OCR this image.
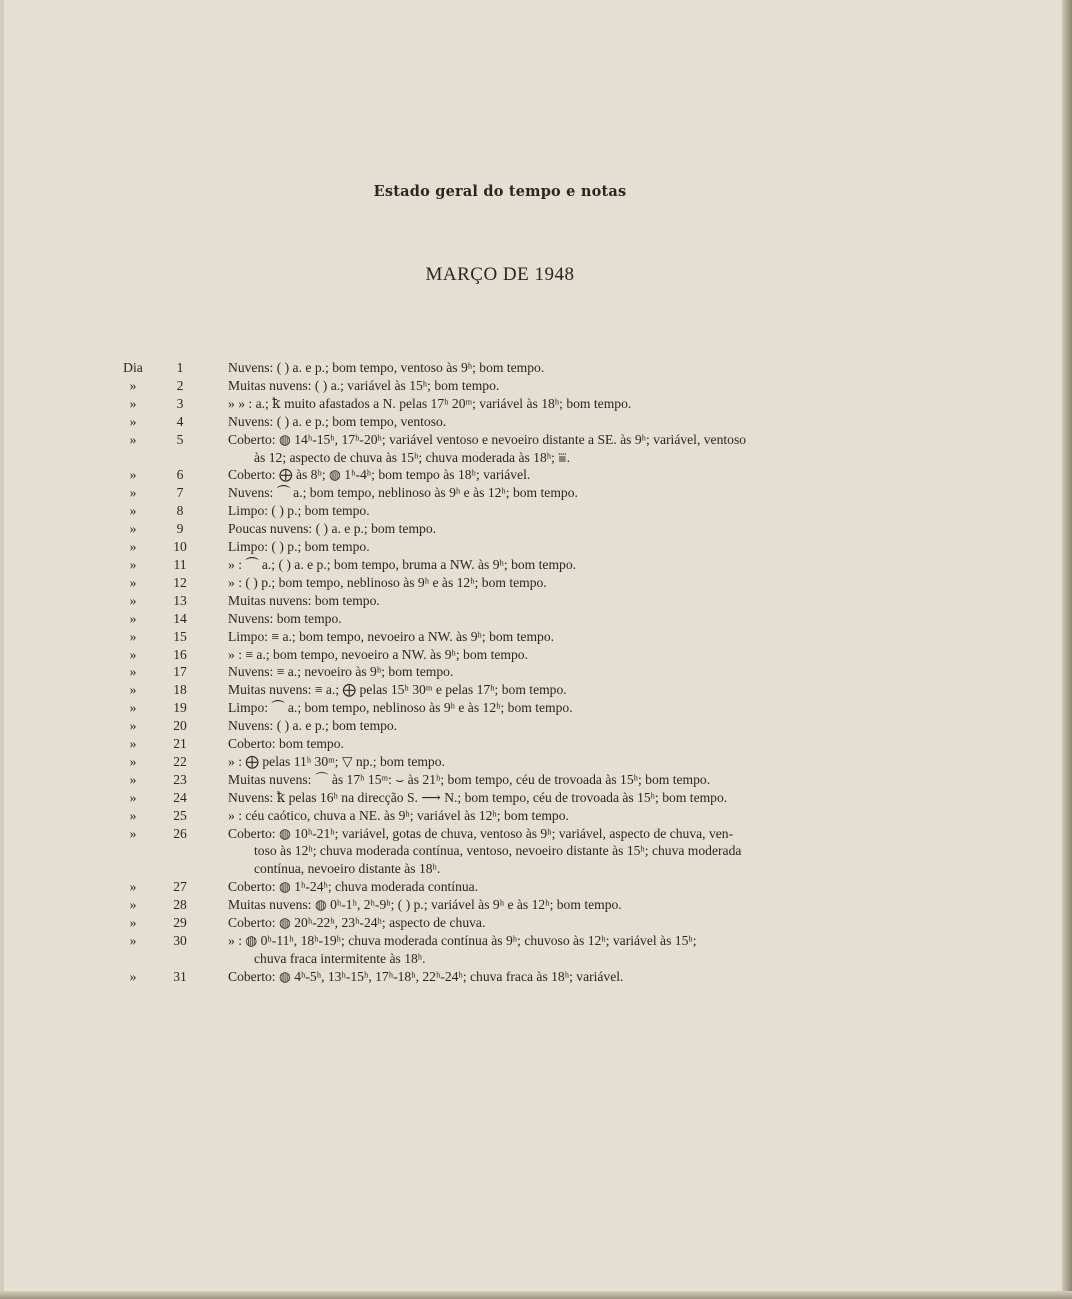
Estado geral do tempo e notas
MARÇO DE 1948
Dia	1	Nuvens: ( ) a. e p.; bom tempo, ventoso às 9ʰ; bom tempo.
»	2	Muitas nuvens: ( ) a.; variável às 15ʰ; bom tempo.
»	3	» » : a.; ꝁ muito afastados a N. pelas 17ʰ 20ᵐ; variável às 18ʰ; bom tempo.
»	4	Nuvens: ( ) a. e p.; bom tempo, ventoso.
»	5	Coberto: ◍ 14ʰ-15ʰ, 17ʰ-20ʰ; variável ventoso e nevoeiro distante a SE. às 9ʰ; variável, ventoso
às 12; aspecto de chuva às 15ʰ; chuva moderada às 18ʰ; ⩸.
»	6	Coberto: ⨁ às 8ʰ; ◍ 1ʰ-4ʰ; bom tempo às 18ʰ; variável.
»	7	Nuvens: ⏜ a.; bom tempo, neblinoso às 9ʰ e às 12ʰ; bom tempo.
»	8	Limpo: ( ) p.; bom tempo.
»	9	Poucas nuvens: ( ) a. e p.; bom tempo.
»	10	Limpo: ( ) p.; bom tempo.
»	11	» : ⏜ a.; ( ) a. e p.; bom tempo, bruma a NW. às 9ʰ; bom tempo.
»	12	» : ( ) p.; bom tempo, neblinoso às 9ʰ e às 12ʰ; bom tempo.
»	13	Muitas nuvens: bom tempo.
»	14	Nuvens: bom tempo.
»	15	Limpo: ≡ a.; bom tempo, nevoeiro a NW. às 9ʰ; bom tempo.
»	16	» : ≡ a.; bom tempo, nevoeiro a NW. às 9ʰ; bom tempo.
»	17	Nuvens: ≡ a.; nevoeiro às 9ʰ; bom tempo.
»	18	Muitas nuvens: ≡ a.; ⨁ pelas 15ʰ 30ᵐ e pelas 17ʰ; bom tempo.
»	19	Limpo: ⏜ a.; bom tempo, neblinoso às 9ʰ e às 12ʰ; bom tempo.
»	20	Nuvens: ( ) a. e p.; bom tempo.
»	21	Coberto: bom tempo.
»	22	» : ⨁ pelas 11ʰ 30ᵐ; ▽ np.; bom tempo.
»	23	Muitas nuvens: ⌒ às 17ʰ 15ᵐ: ⌣ às 21ʰ; bom tempo, céu de trovoada às 15ʰ; bom tempo.
»	24	Nuvens: ꝁ pelas 16ʰ na direcção S. ⟶ N.; bom tempo, céu de trovoada às 15ʰ; bom tempo.
»	25	» : céu caótico, chuva a NE. às 9ʰ; variável às 12ʰ; bom tempo.
»	26	Coberto: ◍ 10ʰ-21ʰ; variável, gotas de chuva, ventoso às 9ʰ; variável, aspecto de chuva, ven-
toso às 12ʰ; chuva moderada contínua, ventoso, nevoeiro distante às 15ʰ; chuva moderada
contínua, nevoeiro distante às 18ʰ.
»	27	Coberto: ◍ 1ʰ-24ʰ; chuva moderada contínua.
»	28	Muitas nuvens: ◍ 0ʰ-1ʰ, 2ʰ-9ʰ; ( ) p.; variável às 9ʰ e às 12ʰ; bom tempo.
»	29	Coberto: ◍ 20ʰ-22ʰ, 23ʰ-24ʰ; aspecto de chuva.
»	30	» : ◍ 0ʰ-11ʰ, 18ʰ-19ʰ; chuva moderada contínua às 9ʰ; chuvoso às 12ʰ; variável às 15ʰ;
chuva fraca intermitente às 18ʰ.
»	31	Coberto: ◍ 4ʰ-5ʰ, 13ʰ-15ʰ, 17ʰ-18ʰ, 22ʰ-24ʰ; chuva fraca às 18ʰ; variável.
